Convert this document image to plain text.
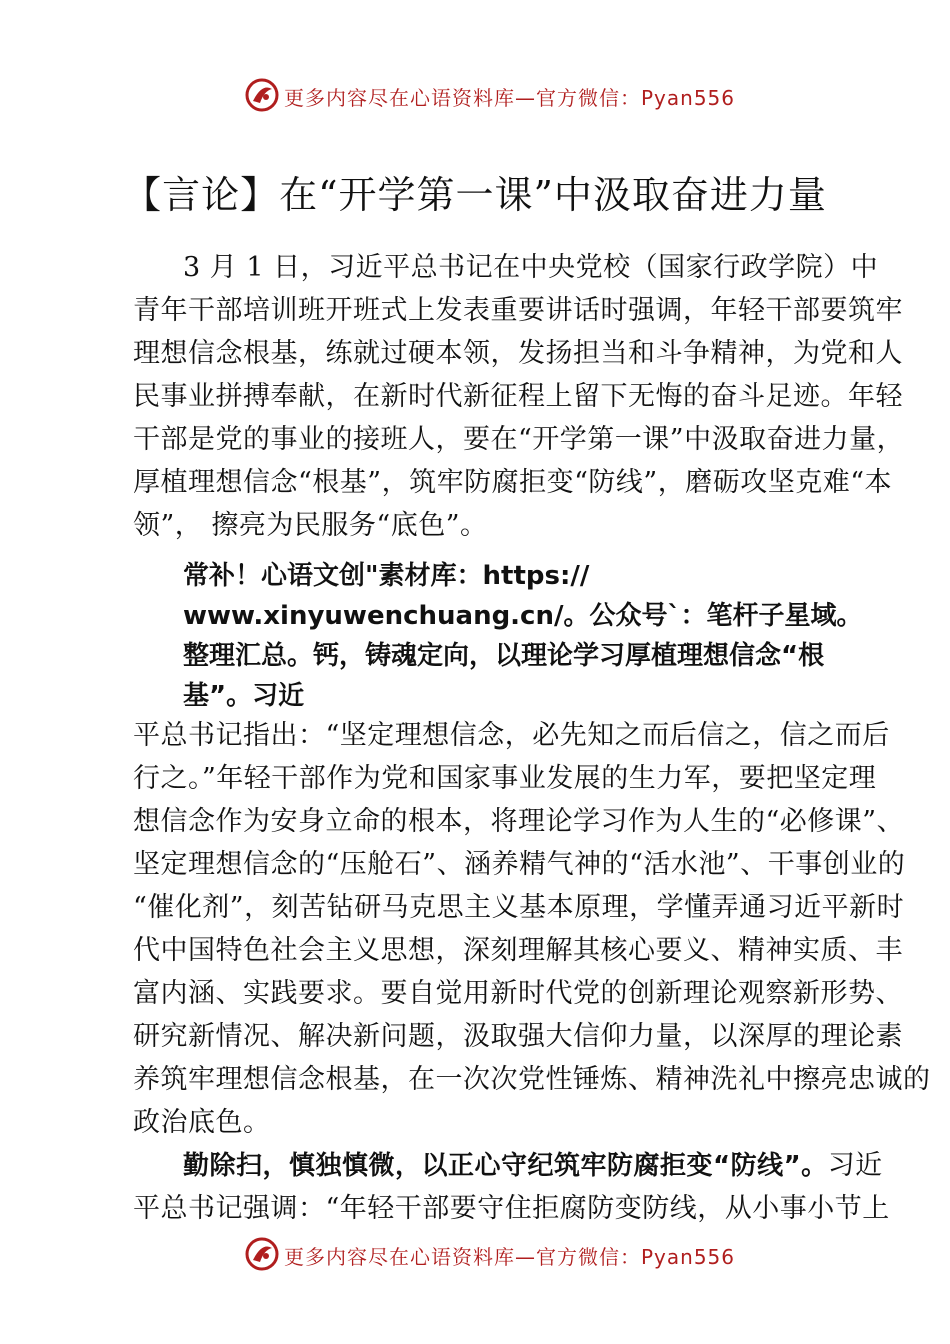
更多内容尽在心语资料库—官方微信：Pyan556
【言论】在“开学第一课”中汲取奋进力量
3 月 1 日，习近平总书记在中央党校（国家行政学院）中
青年干部培训班开班式上发表重要讲话时强调，年轻干部要筑牢
理想信念根基，练就过硬本领，发扬担当和斗争精神，为党和人
民事业拼搏奉献，在新时代新征程上留下无悔的奋斗足迹。年轻
干部是党的事业的接班人，要在“开学第一课”中汲取奋进力量，
厚植理想信念“根基”，筑牢防腐拒变“防线”，磨砺攻坚克难“本
领”， 擦亮为民服务“底色”。
常补！心语文创"素材库：https://
www.xinyuwenchuang.cn/。公众号`：笔杆子星域。
整理汇总。钙，铸魂定向，以理论学习厚植理想信念“根
基”。习近
平总书记指出：“坚定理想信念，必先知之而后信之，信之而后
行之。”年轻干部作为党和国家事业发展的生力军，要把坚定理
想信念作为安身立命的根本，将理论学习作为人生的“必修课”、
坚定理想信念的“压舱石”、涵养精气神的“活水池”、干事创业的
“催化剂”，刻苦钻研马克思主义基本原理，学懂弄通习近平新时
代中国特色社会主义思想，深刻理解其核心要义、精神实质、丰
富内涵、实践要求。要自觉用新时代党的创新理论观察新形势、
研究新情况、解决新问题，汲取强大信仰力量，以深厚的理论素
养筑牢理想信念根基，在一次次党性锤炼、精神洗礼中擦亮忠诚的
政治底色。
勤除扫，慎独慎微，以正心守纪筑牢防腐拒变“防线”。习近
平总书记强调：“年轻干部要守住拒腐防变防线，从小事小节上
更多内容尽在心语资料库—官方微信：Pyan556
